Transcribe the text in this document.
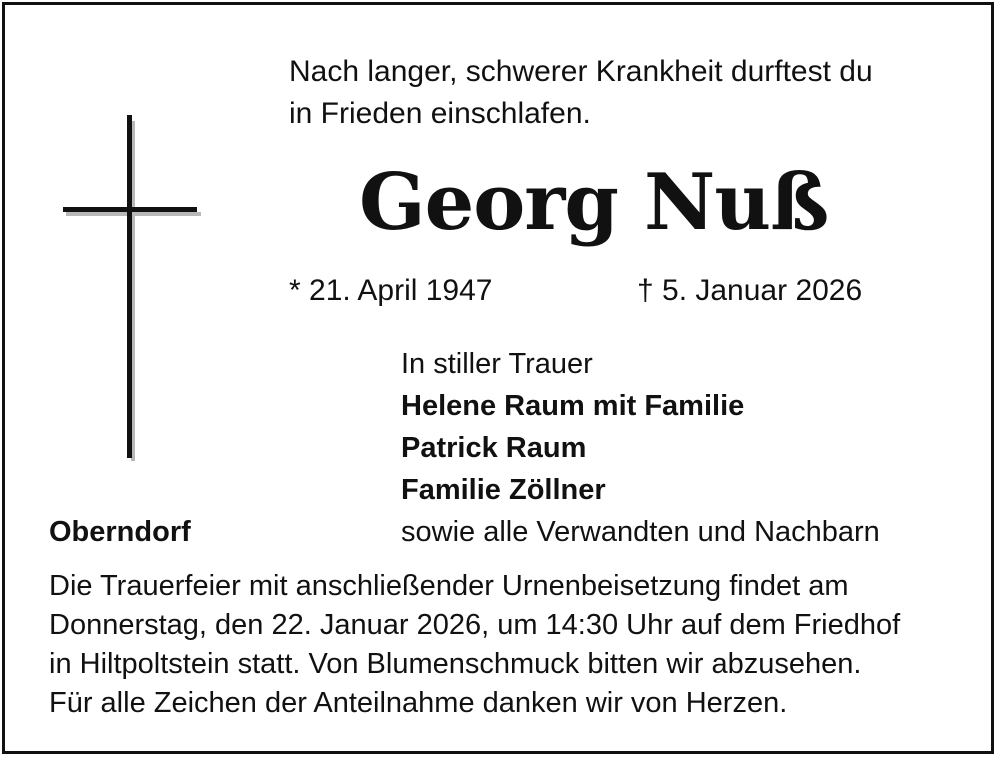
Nach langer, schwerer Krankheit durftest du
in Frieden einschlafen.

Georg Nuß
* 21. April 1947	† 5. Januar 2026
In stiller Trauer
Helene Raum mit Familie
Patrick Raum
Familie Zöllner
sowie alle Verwandten und Nachbarn
Oberndorf
Die Trauerfeier mit anschließender Urnenbeisetzung findet am
Donnerstag, den 22. Januar 2026, um 14:30 Uhr auf dem Friedhof
in Hiltpoltstein statt. Von Blumenschmuck bitten wir abzusehen.
Für alle Zeichen der Anteilnahme danken wir von Herzen.
